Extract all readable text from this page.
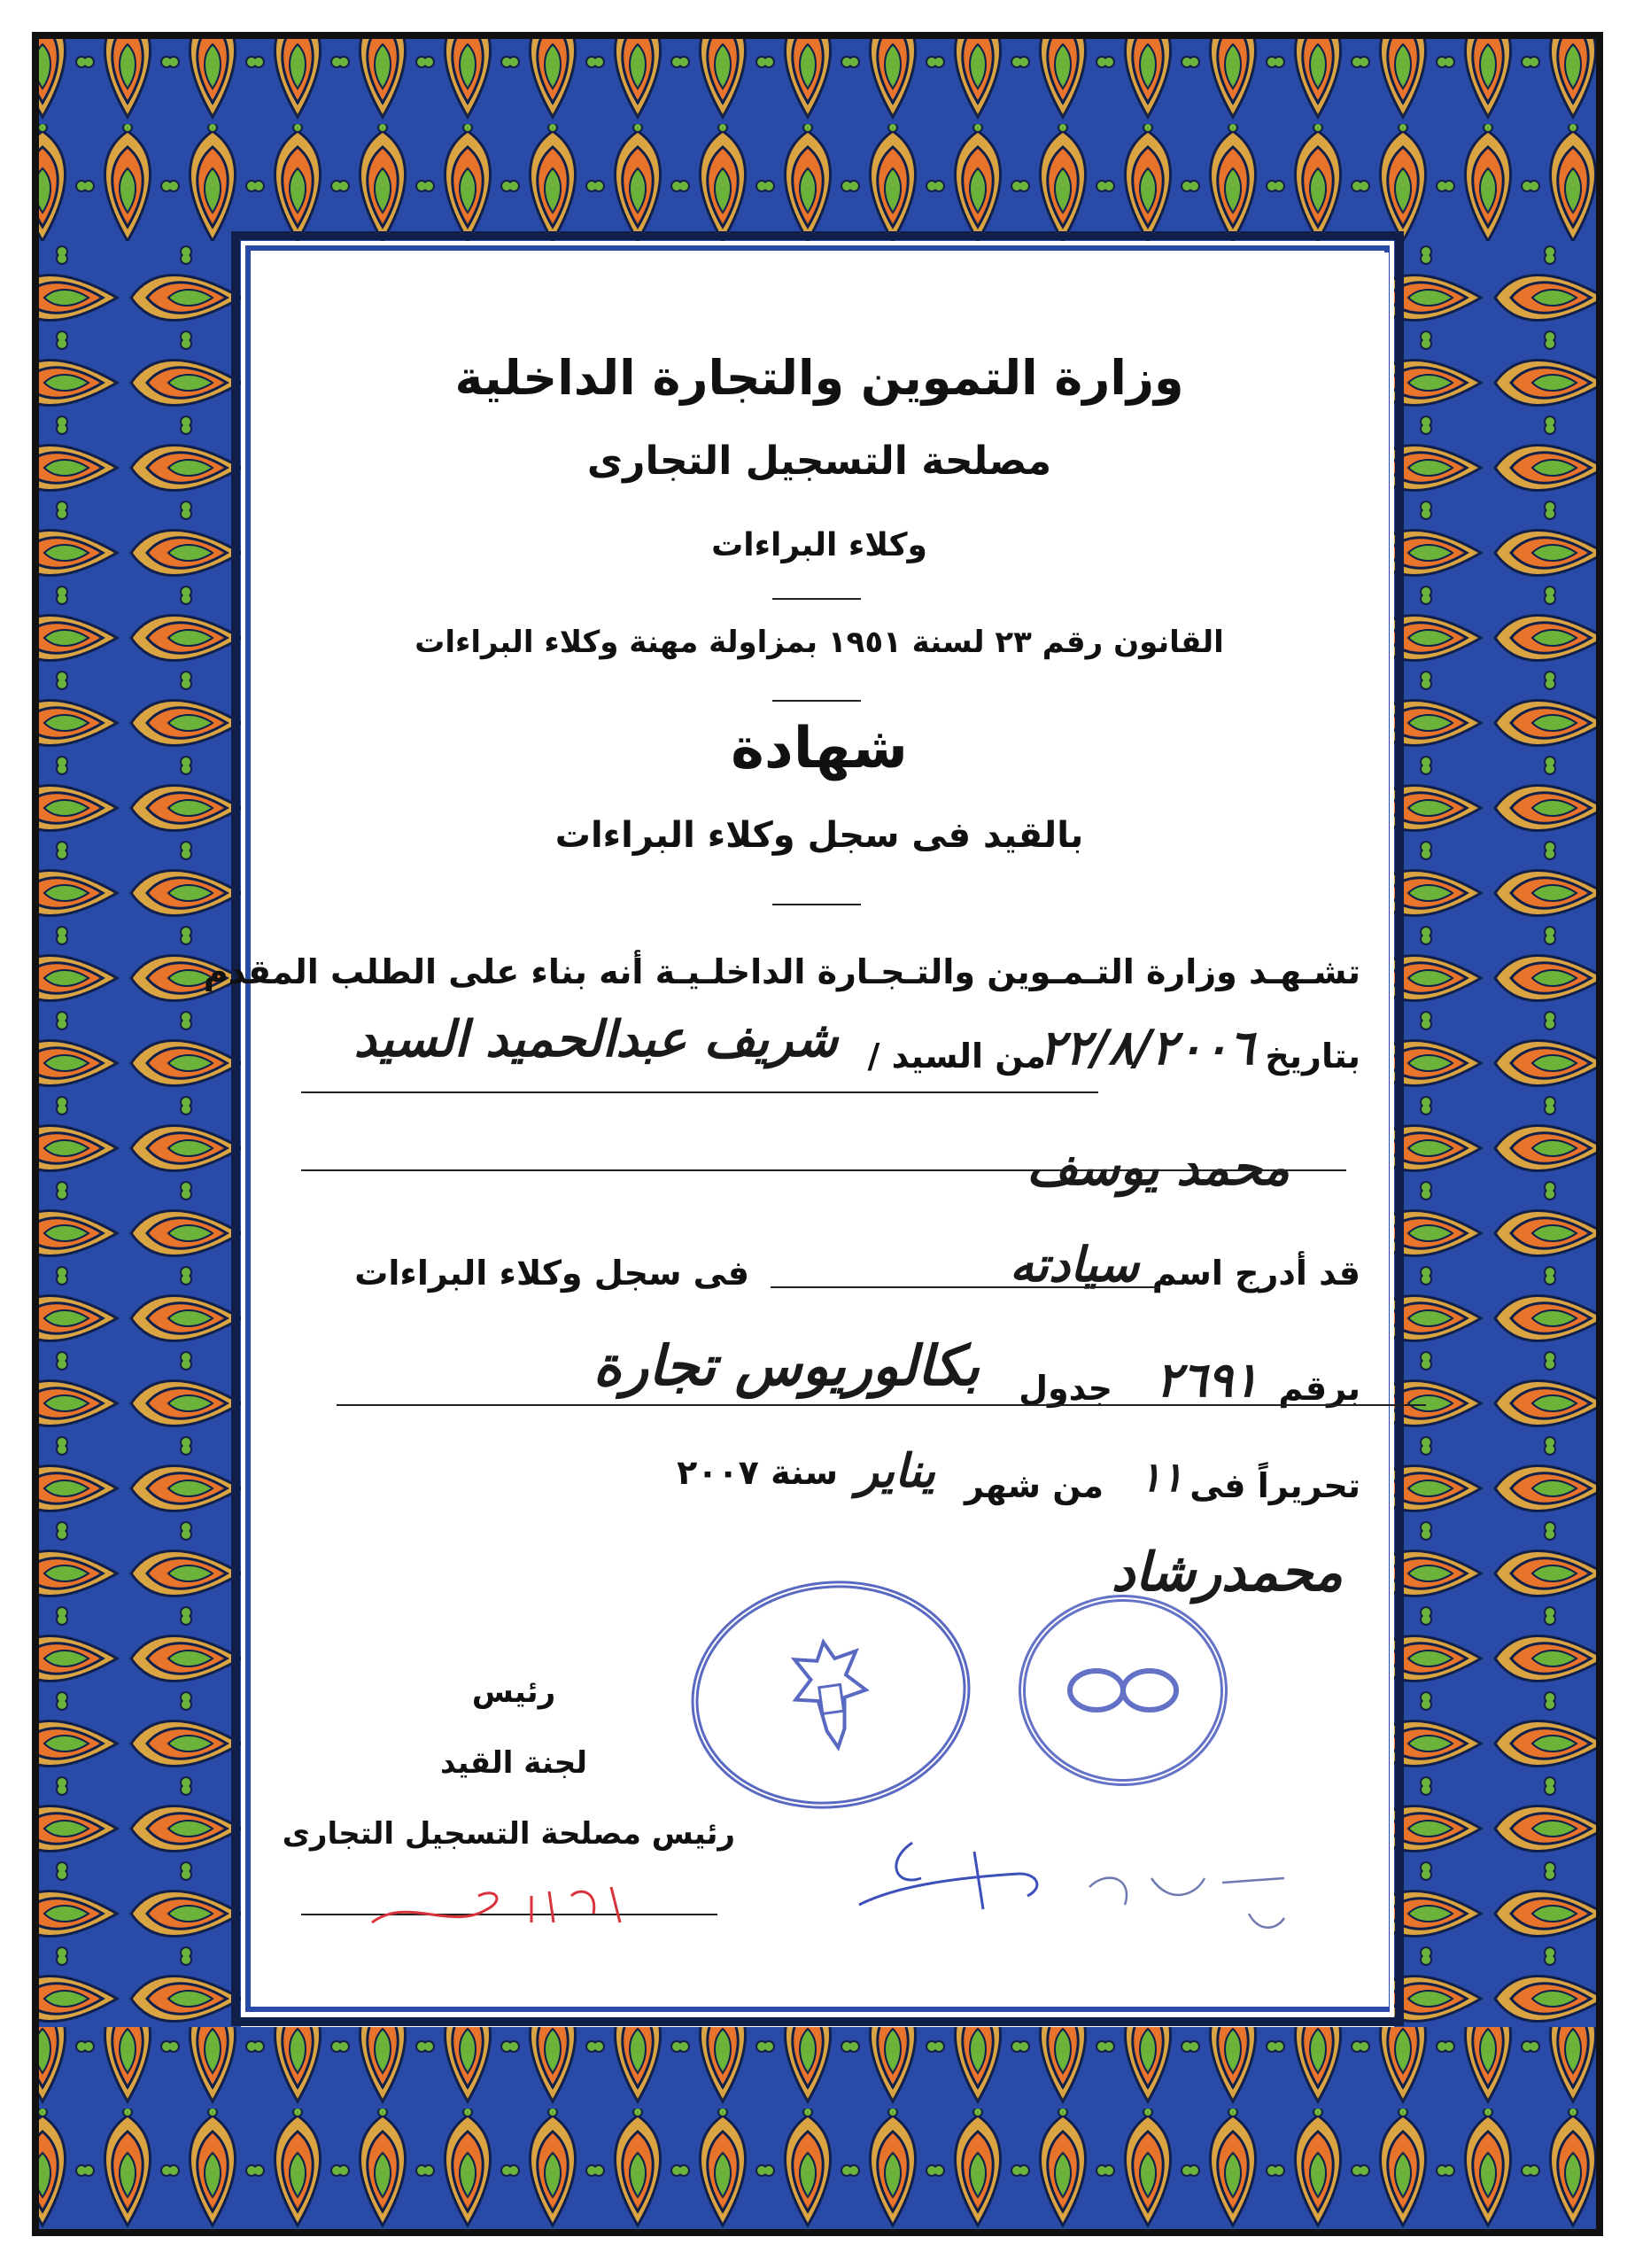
وزارة التموين والتجارة الداخلية
مصلحة التسجيل التجارى
وكلاء البراءات
القانون رقم ٢٣ لسنة ١٩٥١ بمزاولة مهنة وكلاء البراءات
شهادة
بالقيد فى سجل وكلاء البراءات
تشـهـد وزارة التـمـوين والتـجـارة الداخلـيـة أنه بناء على الطلب المقدم
بتاريخ
٢٢/٨/٢٠٠٦
من السيد /
شريف عبدالحميد السيد
محمد يوسف
قد أدرج اسم
سيادته
فى سجل وكلاء البراءات
برقم
٢٦٩١
جدول
بكالوريوس تجارة
تحريراً فى
١١
من شهر
يناير
سنة ٢٠٠٧
محمدرشاد
رئيس
لجنة القيد
رئيس مصلحة التسجيل التجارى
